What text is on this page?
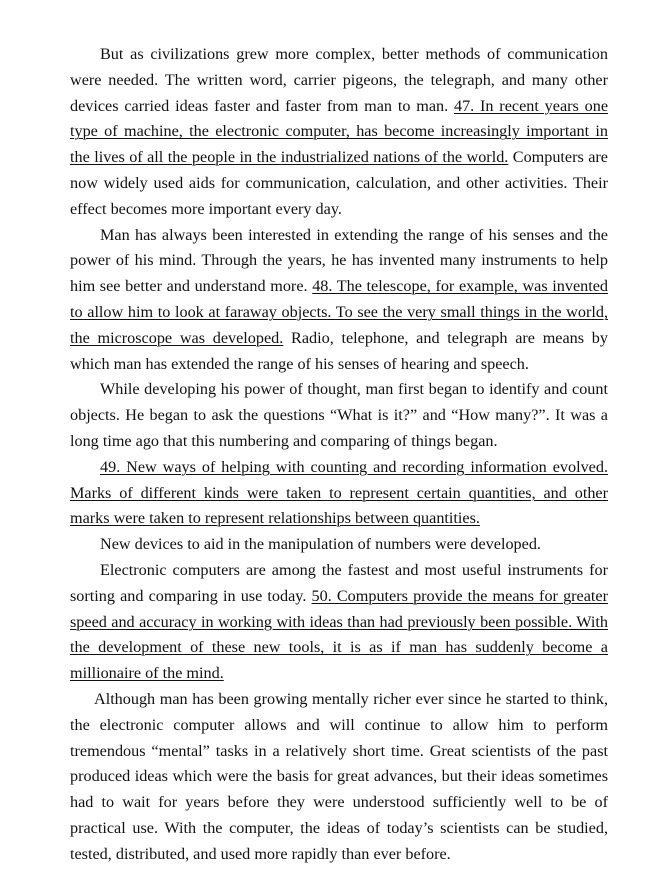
But as civilizations grew more complex, better methods of communication were needed. The written word, carrier pigeons, the telegraph, and many other devices carried ideas faster and faster from man to man. 47. In recent years one type of machine, the electronic computer, has become increasingly important in the lives of all the people in the industrialized nations of the world. Computers are now widely used aids for communication, calculation, and other activities. Their effect becomes more important every day.

Man has always been interested in extending the range of his senses and the power of his mind. Through the years, he has invented many instruments to help him see better and understand more. 48. The telescope, for example, was invented to allow him to look at faraway objects. To see the very small things in the world, the microscope was developed. Radio, telephone, and telegraph are means by which man has extended the range of his senses of hearing and speech.

While developing his power of thought, man first began to identify and count objects. He began to ask the questions “What is it?” and “How many?”. It was a long time ago that this numbering and comparing of things began.

49. New ways of helping with counting and recording information evolved. Marks of different kinds were taken to represent certain quantities, and other marks were taken to represent relationships between quantities.

New devices to aid in the manipulation of numbers were developed.

Electronic computers are among the fastest and most useful instruments for sorting and comparing in use today. 50. Computers provide the means for greater speed and accuracy in working with ideas than had previously been possible. With the development of these new tools, it is as if man has suddenly become a millionaire of the mind.

Although man has been growing mentally richer ever since he started to think, the electronic computer allows and will continue to allow him to perform tremendous “mental” tasks in a relatively short time. Great scientists of the past produced ideas which were the basis for great advances, but their ideas sometimes had to wait for years before they were understood sufficiently well to be of practical use. With the computer, the ideas of today’s scientists can be studied, tested, distributed, and used more rapidly than ever before.
